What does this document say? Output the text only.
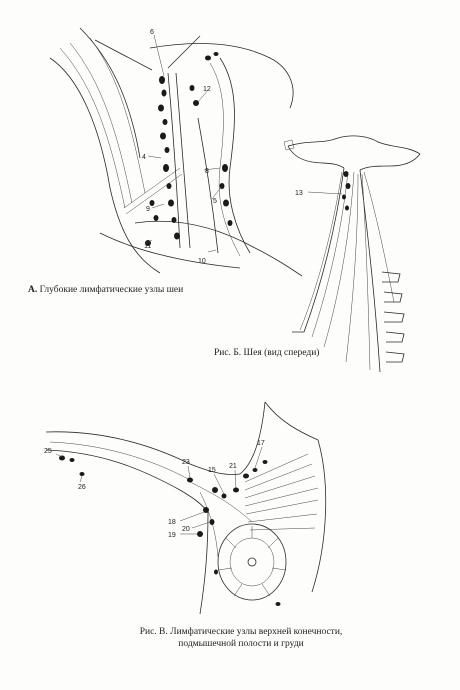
6
12
4
8
5
9
11
10
13
25
26
23
15
21
17
18
19
20
А. Глубокие лимфатические узлы шеи
Рис. Б. Шея (вид спереди)
Рис. В. Лимфатические узлы верхней конечности,
подмышечной полости и груди
